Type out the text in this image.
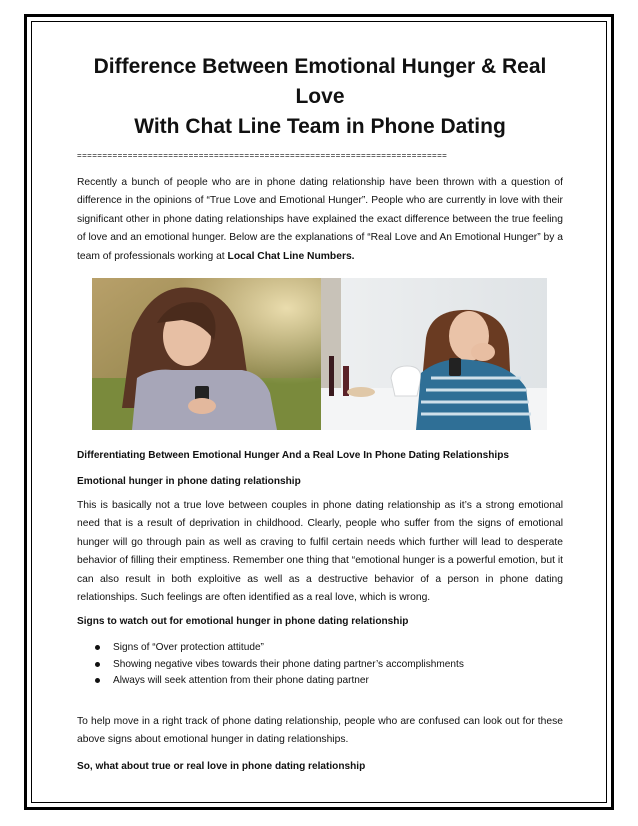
Difference Between Emotional Hunger & Real Love
With Chat Line Team in Phone Dating
=========================================================================

Recently a bunch of people who are in phone dating relationship have been thrown with a question of difference in the opinions of “True Love and Emotional Hunger”. People who are currently in love with their significant other in phone dating relationships have explained the exact difference between the true feeling of love and an emotional hunger. Below are the explanations of “Real Love and An Emotional Hunger” by a team of professionals working at Local Chat Line Numbers.

Differentiating Between Emotional Hunger And a Real Love In Phone Dating Relationships
Emotional hunger in phone dating relationship

This is basically not a true love between couples in phone dating relationship as it’s a strong emotional need that is a result of deprivation in childhood. Clearly, people who suffer from the signs of emotional hunger will go through pain as well as craving to fulfil certain needs which further will lead to desperate behavior of filling their emptiness. Remember one thing that “emotional hunger is a powerful emotion, but it can also result in both exploitive as well as a destructive behavior of a person in phone dating relationships. Such feelings are often identified as a real love, which is wrong.

Signs to watch out for emotional hunger in phone dating relationship
Signs of “Over protection attitude”
Showing negative vibes towards their phone dating partner’s accomplishments
Always will seek attention from their phone dating partner

To help move in a right track of phone dating relationship, people who are confused can look out for these above signs about emotional hunger in dating relationships.

So, what about true or real love in phone dating relationship
